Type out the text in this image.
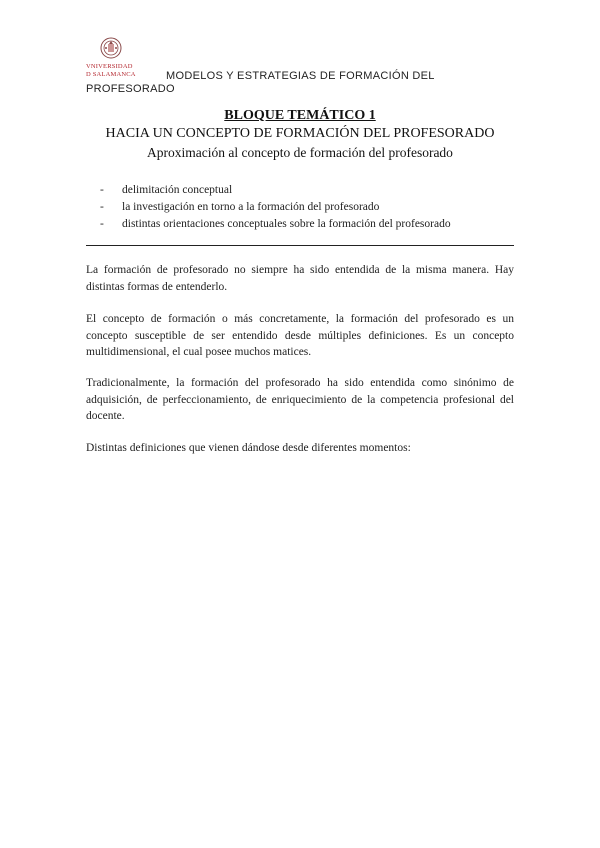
VNIVERSIDAD
D SALAMANCA	MODELOS Y ESTRATEGIAS DE FORMACIÓN DEL
PROFESORADO
BLOQUE TEMÁTICO 1
HACIA UN CONCEPTO DE FORMACIÓN DEL PROFESORADO
Aproximación al concepto de formación del profesorado
- delimitación conceptual
- la investigación en torno a la formación del profesorado
- distintas orientaciones conceptuales sobre la formación del profesorado

La formación de profesorado no siempre ha sido entendida de la misma manera. Hay distintas formas de entenderlo.

El concepto de formación o más concretamente, la formación del profesorado es un concepto susceptible de ser entendido desde múltiples definiciones. Es un concepto multidimensional, el cual posee muchos matices.

Tradicionalmente, la formación del profesorado ha sido entendida como sinónimo de adquisición, de perfeccionamiento, de enriquecimiento de la competencia profesional del docente.

Distintas definiciones que vienen dándose desde diferentes momentos:
